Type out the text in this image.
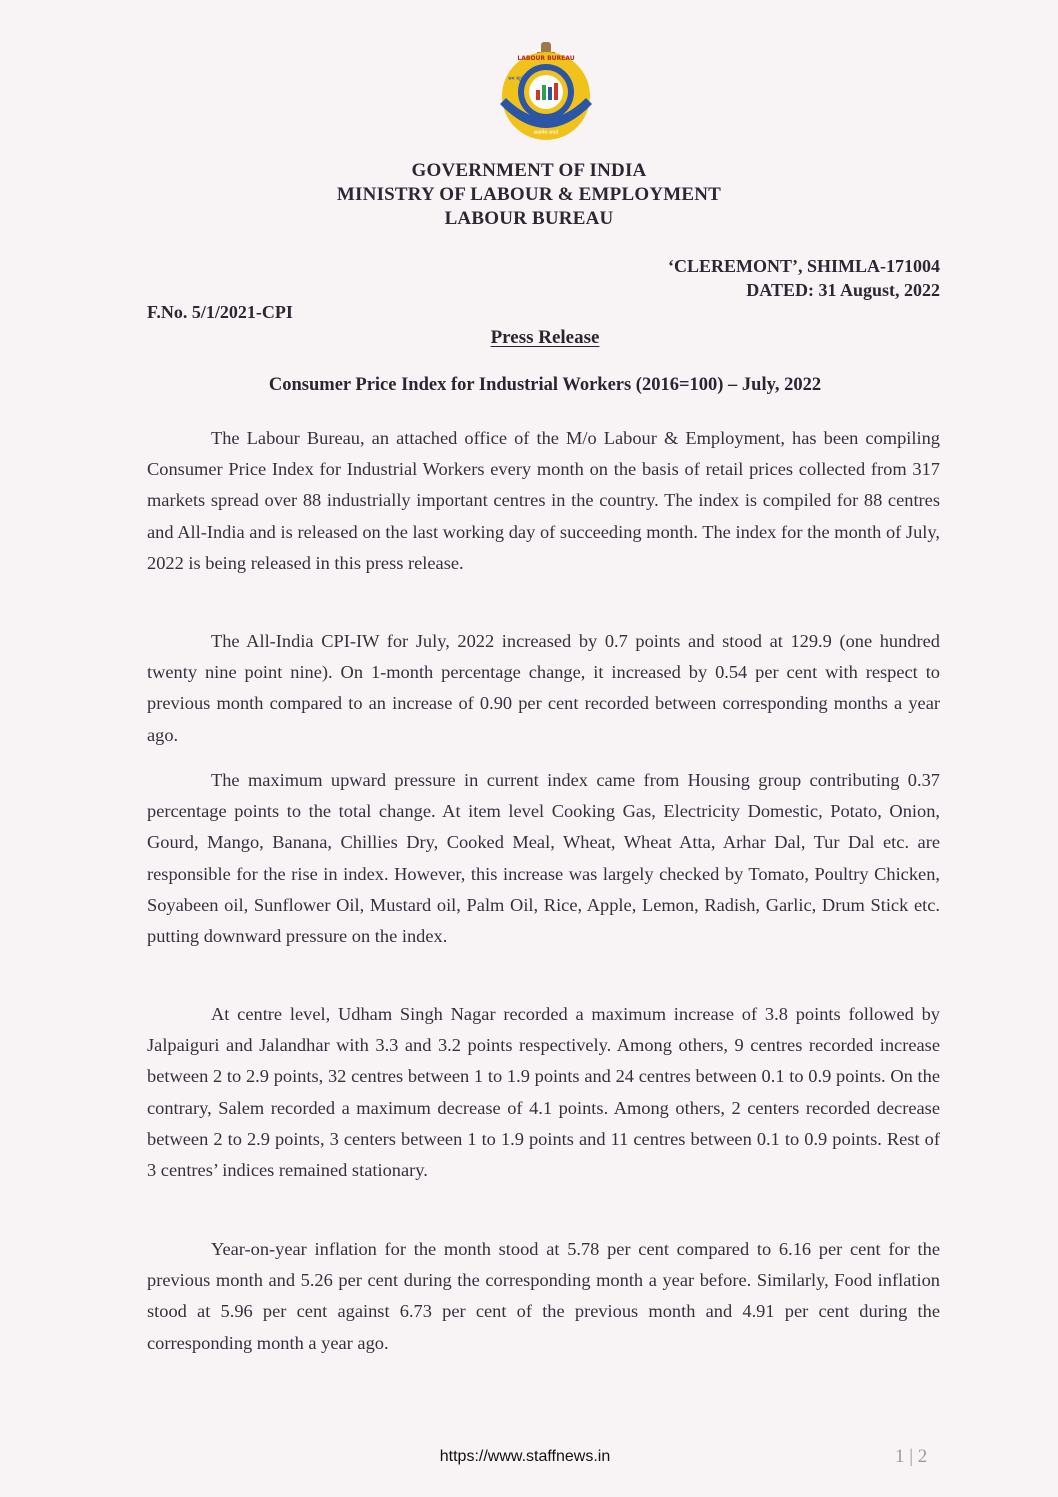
LABOUR BUREAU
सत्यमेव जयते
श्रम ब्यूरो
GOVERNMENT OF INDIA
MINISTRY OF LABOUR & EMPLOYMENT
LABOUR BUREAU
‘CLEREMONT’, SHIMLA-171004
DATED: 31 August, 2022
F.No. 5/1/2021-CPI
Press Release
Consumer Price Index for Industrial Workers (2016=100) – July, 2022

The Labour Bureau, an attached office of the M/o Labour & Employment, has been compiling Consumer Price Index for Industrial Workers every month on the basis of retail prices collected from 317 markets spread over 88 industrially important centres in the country. The index is compiled for 88 centres and All-India and is released on the last working day of succeeding month. The index for the month of July, 2022 is being released in this press release.

The All-India CPI-IW for July, 2022 increased by 0.7 points and stood at 129.9 (one hundred twenty nine point nine). On 1-month percentage change, it increased by 0.54 per cent with respect to previous month compared to an increase of 0.90 per cent recorded between corresponding months a year ago.

The maximum upward pressure in current index came from Housing group contributing 0.37 percentage points to the total change. At item level Cooking Gas, Electricity Domestic, Potato, Onion, Gourd, Mango, Banana, Chillies Dry, Cooked Meal, Wheat, Wheat Atta, Arhar Dal, Tur Dal etc. are responsible for the rise in index. However, this increase was largely checked by Tomato, Poultry Chicken, Soyabeen oil, Sunflower Oil, Mustard oil, Palm Oil, Rice, Apple, Lemon, Radish, Garlic, Drum Stick etc. putting downward pressure on the index.

At centre level, Udham Singh Nagar recorded a maximum increase of 3.8 points followed by Jalpaiguri and Jalandhar with 3.3 and 3.2 points respectively. Among others, 9 centres recorded increase between 2 to 2.9 points, 32 centres between 1 to 1.9 points and 24 centres between 0.1 to 0.9 points. On the contrary, Salem recorded a maximum decrease of 4.1 points. Among others, 2 centers recorded decrease between 2 to 2.9 points, 3 centers between 1 to 1.9 points and 11 centres between 0.1 to 0.9 points. Rest of 3 centres’ indices remained stationary.

Year-on-year inflation for the month stood at 5.78 per cent compared to 6.16 per cent for the previous month and 5.26 per cent during the corresponding month a year before. Similarly, Food inflation stood at 5.96 per cent against 6.73 per cent of the previous month and 4.91 per cent during the corresponding month a year ago.

https://www.staffnews.in	1 | 2
